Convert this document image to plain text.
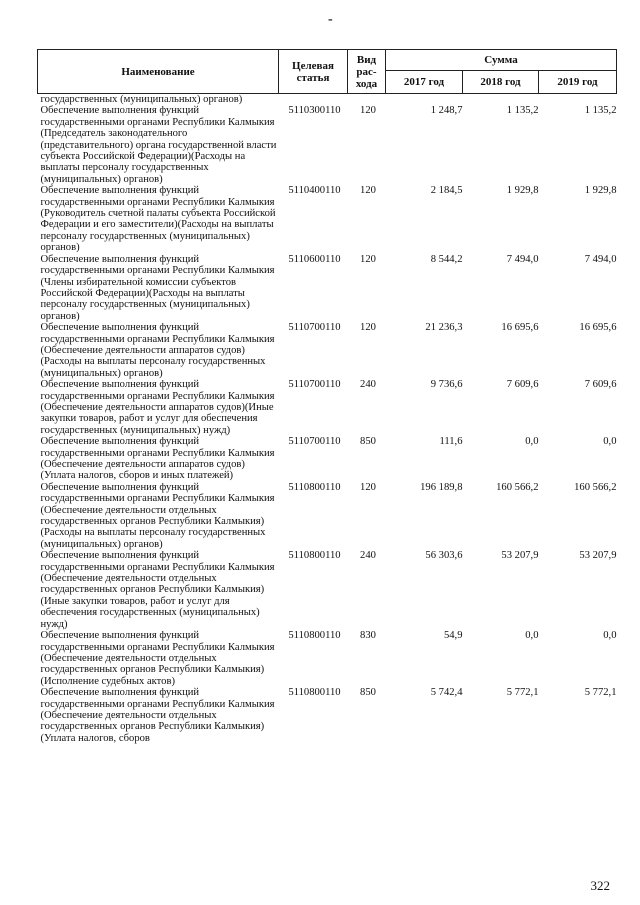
-
Наименование	Целевая статья	Вид рас-хода	Сумма		
			2017 год	2018 год	2019 год
государственных (муниципальных) органов)					
Обеспечение выполнения функций государственными органами Республики Калмыкия (Председатель законодательного (представительного) органа государственной власти субъекта Российской Федерации)(Расходы на выплаты персоналу государственных (муниципальных) органов)	5110300110	120	1 248,7	1 135,2	1 135,2
Обеспечение выполнения функций государственными органами Республики Калмыкия (Руководитель счетной палаты субъекта Российской Федерации и его заместители)(Расходы на выплаты персоналу государственных (муниципальных) органов)	5110400110	120	2 184,5	1 929,8	1 929,8
Обеспечение выполнения функций государственными органами Республики Калмыкия (Члены избирательной комиссии субъектов Российской Федерации)(Расходы на выплаты персоналу государственных (муниципальных) органов)	5110600110	120	8 544,2	7 494,0	7 494,0
Обеспечение выполнения функций государственными органами Республики Калмыкия (Обеспечение деятельности аппаратов судов)(Расходы на выплаты персоналу государственных (муниципальных) органов)	5110700110	120	21 236,3	16 695,6	16 695,6
Обеспечение выполнения функций государственными органами Республики Калмыкия (Обеспечение деятельности аппаратов судов)(Иные закупки товаров, работ и услуг для обеспечения государственных (муниципальных) нужд)	5110700110	240	9 736,6	7 609,6	7 609,6
Обеспечение выполнения функций государственными органами Республики Калмыкия (Обеспечение деятельности аппаратов судов)(Уплата налогов, сборов и иных платежей)	5110700110	850	111,6	0,0	0,0
Обеспечение выполнения функций государственными органами Республики Калмыкия (Обеспечение деятельности отдельных государственных органов Республики Калмыкия)(Расходы на выплаты персоналу государственных (муниципальных) органов)	5110800110	120	196 189,8	160 566,2	160 566,2
Обеспечение выполнения функций государственными органами Республики Калмыкия (Обеспечение деятельности отдельных государственных органов Республики Калмыкия)(Иные закупки товаров, работ и услуг для обеспечения государственных (муниципальных) нужд)	5110800110	240	56 303,6	53 207,9	53 207,9
Обеспечение выполнения функций государственными органами Республики Калмыкия (Обеспечение деятельности отдельных государственных органов Республики Калмыкия)(Исполнение судебных актов)	5110800110	830	54,9	0,0	0,0
Обеспечение выполнения функций государственными органами Республики Калмыкия (Обеспечение деятельности отдельных государственных органов Республики Калмыкия)(Уплата налогов, сборов	5110800110	850	5 742,4	5 772,1	5 772,1
322
